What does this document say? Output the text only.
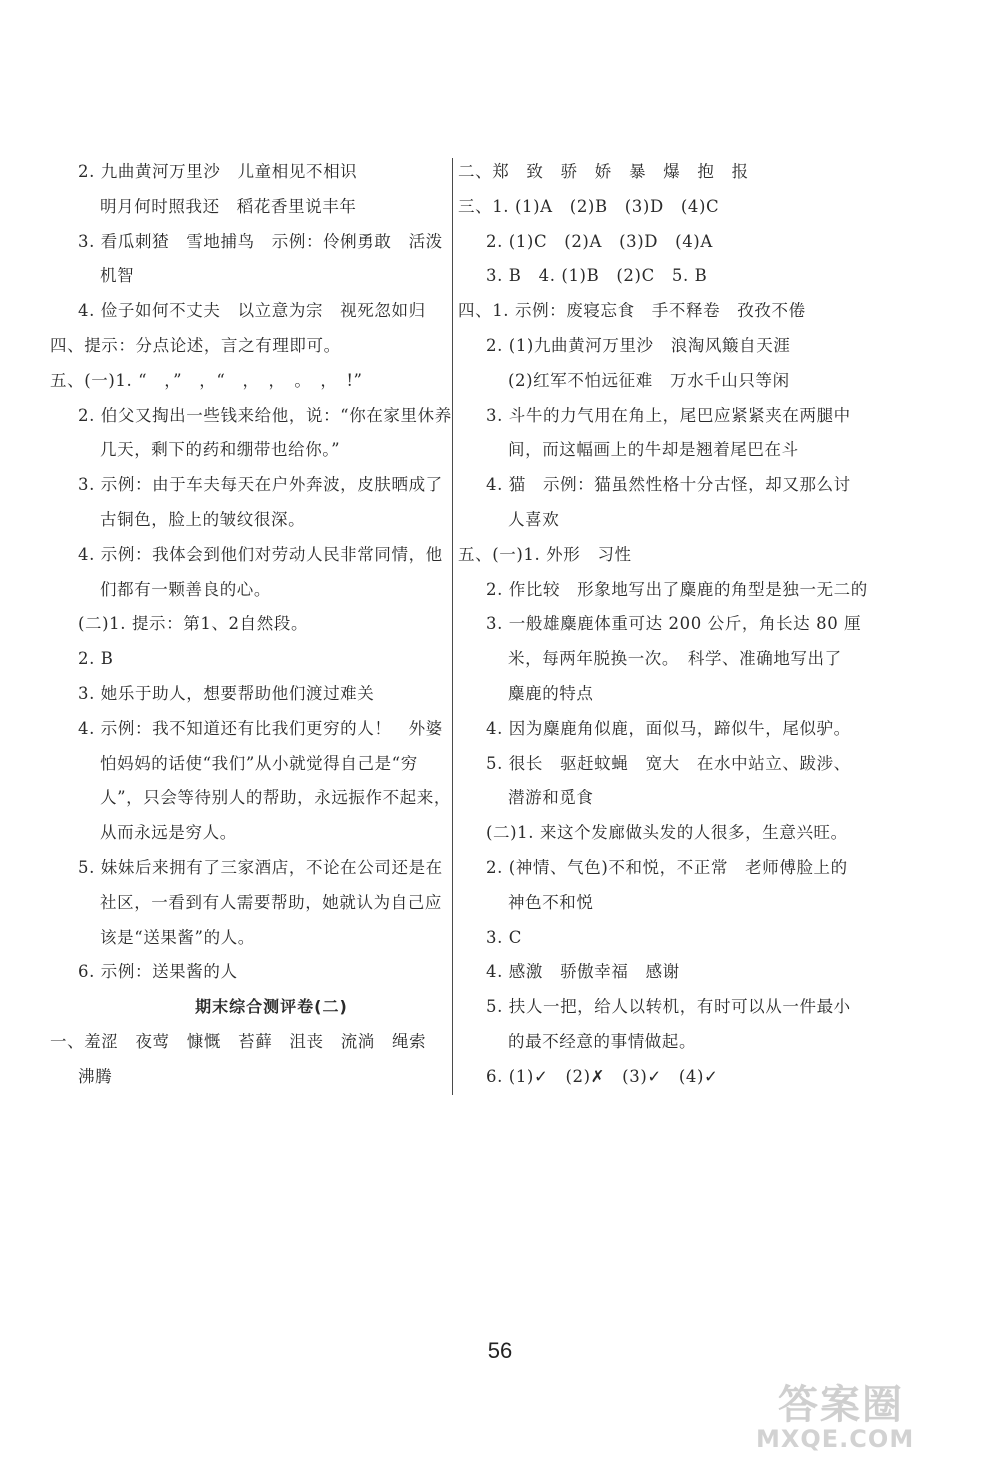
2. 九曲黄河万里沙　儿童相见不相识
明月何时照我还　稻花香里说丰年
3. 看瓜刺猹　雪地捕鸟　示例：伶俐勇敢　活泼
机智
4. 俭子如何不丈夫　以立意为宗　视死忽如归
四、提示：分点论述，言之有理即可。
五、(一)1. “　，”　，“　，　，　。　，　!”
2. 伯父又掏出一些钱来给他，说：“你在家里休养
几天，剩下的药和绷带也给你。”
3. 示例：由于车夫每天在户外奔波，皮肤晒成了
古铜色，脸上的皱纹很深。
4. 示例：我体会到他们对劳动人民非常同情，他
们都有一颗善良的心。
(二)1. 提示：第1、2自然段。
2. B
3. 她乐于助人，想要帮助他们渡过难关
4. 示例：我不知道还有比我们更穷的人！　外婆
怕妈妈的话使“我们”从小就觉得自己是“穷
人”，只会等待别人的帮助，永远振作不起来，
从而永远是穷人。
5. 妹妹后来拥有了三家酒店，不论在公司还是在
社区，一看到有人需要帮助，她就认为自己应
该是“送果酱”的人。
6. 示例：送果酱的人
期末综合测评卷(二)
一、羞涩　夜莺　慷慨　苔藓　沮丧　流淌　绳索
沸腾
二、郑　致　骄　娇　暴　爆　抱　报
三、1. (1)A　(2)B　(3)D　(4)C
2. (1)C　(2)A　(3)D　(4)A
3. B　4. (1)B　(2)C　5. B
四、1. 示例：废寝忘食　手不释卷　孜孜不倦
2. (1)九曲黄河万里沙　浪淘风簸自天涯
(2)红军不怕远征难　万水千山只等闲
3. 斗牛的力气用在角上，尾巴应紧紧夹在两腿中
间，而这幅画上的牛却是翘着尾巴在斗
4. 猫　示例：猫虽然性格十分古怪，却又那么讨
人喜欢
五、(一)1. 外形　习性
2. 作比较　形象地写出了麋鹿的角型是独一无二的
3. 一般雄麋鹿体重可达 200 公斤，角长达 80 厘
米，每两年脱换一次。　科学、准确地写出了
麋鹿的特点
4. 因为麋鹿角似鹿，面似马，蹄似牛，尾似驴。
5. 很长　驱赶蚊蝇　宽大　在水中站立、跋涉、
潜游和觅食
(二)1. 来这个发廊做头发的人很多，生意兴旺。
2. (神情、气色)不和悦，不正常　老师傅脸上的
神色不和悦
3. C
4. 感激　骄傲幸福　感谢
5. 扶人一把，给人以转机，有时可以从一件最小
的最不经意的事情做起。
6. (1)✓　(2)✗　(3)✓　(4)✓
56
答案圈
MXQE.COM
